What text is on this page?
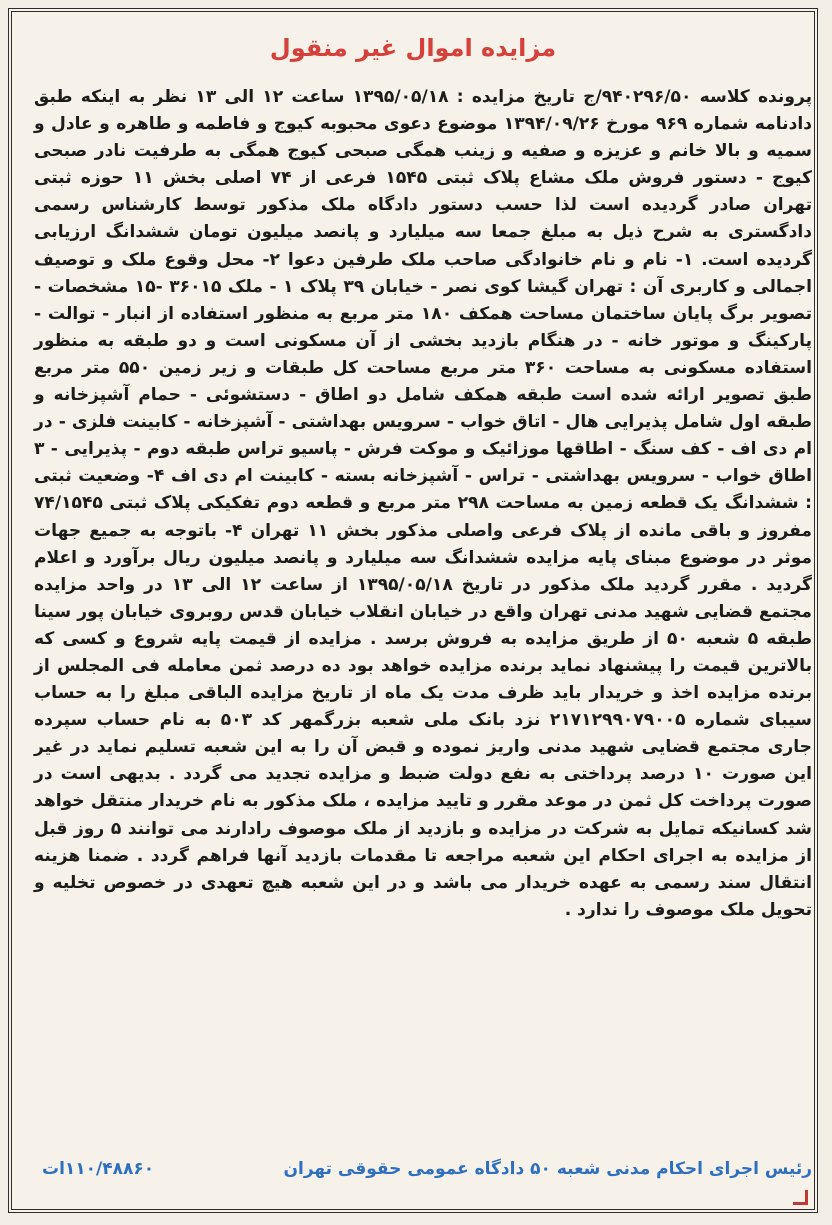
مزایده اموال غیر منقول

پرونده کلاسه ۹۴۰۲۹۶/۵۰/ج تاریخ مزایده : ۱۳۹۵/۰۵/۱۸ ساعت ۱۲ الی ۱۳ نظر به اینکه طبق دادنامه شماره ۹۶۹ مورخ ۱۳۹۴/۰۹/۲۶ موضوع دعوی محبوبه کیوج و فاطمه و طاهره و عادل و سمیه و بالا خانم و عزیزه و صفیه و زینب همگی صبحی کیوج همگی به طرفیت نادر صبحی کیوج - دستور فروش ملک مشاع پلاک ثبتی ۱۵۴۵ فرعی از ۷۴ اصلی بخش ۱۱ حوزه ثبتی تهران صادر گردیده است لذا حسب دستور دادگاه ملک مذکور توسط کارشناس رسمی دادگستری به شرح ذیل به مبلغ جمعا سه میلیارد و پانصد میلیون تومان ششدانگ ارزیابی گردیده است. ۱- نام و نام خانوادگی صاحب ملک طرفین دعوا ۲- محل وقوع ملک و توصیف اجمالی و کاربری آن : تهران گیشا کوی نصر - خیابان ۳۹ پلاک ۱ - ملک ۳۶۰۱۵ -۱۵ مشخصات - تصویر برگ پایان ساختمان مساحت همکف ۱۸۰ متر مربع به منظور استفاده از انبار - توالت - پارکینگ و موتور خانه - در هنگام بازدید بخشی از آن مسکونی است و دو طبقه به منظور استفاده مسکونی به مساحت ۳۶۰ متر مربع مساحت کل طبقات و زیر زمین ۵۵۰ متر مربع طبق تصویر ارائه شده است طبقه همکف شامل دو اطاق - دستشوئی - حمام آشپزخانه و طبقه اول شامل پذیرایی هال - اتاق خواب - سرویس بهداشتی - آشپزخانه - کابینت فلزی - در ام دی اف - کف سنگ - اطاقها موزائیک و موکت فرش - پاسیو تراس طبقه دوم - پذیرایی - ۳ اطاق خواب - سرویس بهداشتی - تراس - آشپزخانه بسته - کابینت ام دی اف ۴- وضعیت ثبتی : ششدانگ یک قطعه زمین به مساحت ۲۹۸ متر مربع و قطعه دوم تفکیکی پلاک ثبتی ۷۴/۱۵۴۵ مفروز و باقی مانده از پلاک فرعی واصلی مذکور بخش ۱۱ تهران ۴- باتوجه به جمیع جهات موثر در موضوع مبنای پایه مزایده ششدانگ سه میلیارد و پانصد میلیون ریال برآورد و اعلام گردید . مقرر گردید ملک مذکور در تاریخ ۱۳۹۵/۰۵/۱۸ از ساعت ۱۲ الی ۱۳ در واحد مزایده مجتمع قضایی شهید مدنی تهران واقع در خیابان انقلاب خیابان قدس روبروی خیابان پور سینا طبقه ۵ شعبه ۵۰ از طریق مزایده به فروش برسد . مزایده از قیمت پایه شروع و کسی که بالاترین قیمت را پیشنهاد نماید برنده مزایده خواهد بود ده درصد ثمن معامله فی المجلس از برنده مزایده اخذ و خریدار باید ظرف مدت یک ماه از تاریخ مزایده الباقی مبلغ را به حساب سیبای شماره ۲۱۷۱۲۹۹۰۷۹۰۰۵ نزد بانک ملی شعبه بزرگمهر کد ۵۰۳ به نام حساب سپرده جاری مجتمع قضایی شهید مدنی واریز نموده و قبض آن را به این شعبه تسلیم نماید در غیر این صورت ۱۰ درصد پرداختی به نفع دولت ضبط و مزایده تجدید می گردد . بدیهی است در صورت پرداخت کل ثمن در موعد مقرر و تایید مزایده ، ملک مذکور به نام خریدار منتقل خواهد شد کسانیکه تمایل به شرکت در مزایده و بازدید از ملک موصوف رادارند می توانند ۵ روز قبل از مزایده به اجرای احکام این شعبه مراجعه تا مقدمات بازدید آنها فراهم گردد . ضمنا هزینه انتقال سند رسمی به عهده خریدار می باشد و در این شعبه هیچ تعهدی در خصوص تخلیه و تحویل ملک موصوف را ندارد .

رئیس اجرای احکام مدنی شعبه ۵۰ دادگاه عمومی حقوقی تهران
۱۱۰/۴۸۸۶۰ات
